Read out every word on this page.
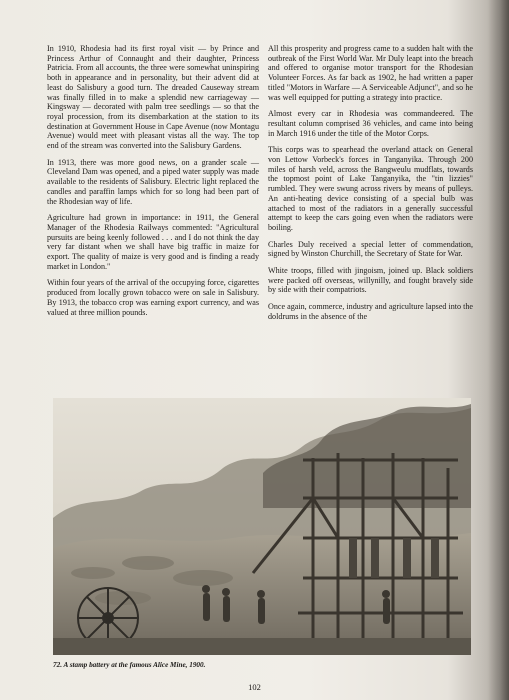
In 1910, Rhodesia had its first royal visit — by Prince and Princess Arthur of Connaught and their daughter, Princess Patricia. From all accounts, the three were somewhat uninspiring both in appearance and in personality, but their advent did at least do Salisbury a good turn. The dreaded Causeway stream was finally filled in to make a splendid new carriageway — Kingsway — decorated with palm tree seedlings — so that the royal procession, from its disembarkation at the station to its destination at Government House in Cape Avenue (now Montagu Avenue) would meet with pleasant vistas all the way. The top end of the stream was converted into the Salisbury Gardens.

In 1913, there was more good news, on a grander scale — Cleveland Dam was opened, and a piped water supply was made available to the residents of Salisbury. Electric light replaced the candles and paraffin lamps which for so long had been part of the Rhodesian way of life.

Agriculture had grown in importance: in 1911, the General Manager of the Rhodesia Railways commented: "Agricultural pursuits are being keenly followed . . . and I do not think the day very far distant when we shall have big traffic in maize for export. The quality of maize is very good and is finding a ready market in London."

Within four years of the arrival of the occupying force, cigarettes produced from locally grown tobacco were on sale in Salisbury. By 1913, the tobacco crop was earning export currency, and was valued at three million pounds.

All this prosperity and progress came to a sudden halt with the outbreak of the First World War. Mr Duly leapt into the breach and offered to organise motor transport for the Rhodesian Volunteer Forces. As far back as 1902, he had written a paper titled "Motors in Warfare — A Serviceable Adjunct", and so he was well equipped for putting a strategy into practice.

Almost every car in Rhodesia was commandeered. The resultant column comprised 36 vehicles, and came into being in March 1916 under the title of the Motor Corps.

This corps was to spearhead the overland attack on General von Lettow Vorbeck's forces in Tanganyika. Through 200 miles of harsh veld, across the Bangweulu mudflats, towards the topmost point of Lake Tanganyika, the "tin lizzies" rumbled. They were swung across rivers by means of pulleys. An anti-heating device consisting of a special bulb was attached to most of the radiators in a generally successful attempt to keep the cars going even when the radiators were boiling.

Charles Duly received a special letter of commendation, signed by Winston Churchill, the Secretary of State for War.

White troops, filled with jingoism, joined up. Black soldiers were packed off overseas, willynilly, and fought bravely side by side with their compatriots.

Once again, commerce, industry and agriculture lapsed into the doldrums in the absence of the

72. A stamp battery at the famous Alice Mine, 1900.
102
